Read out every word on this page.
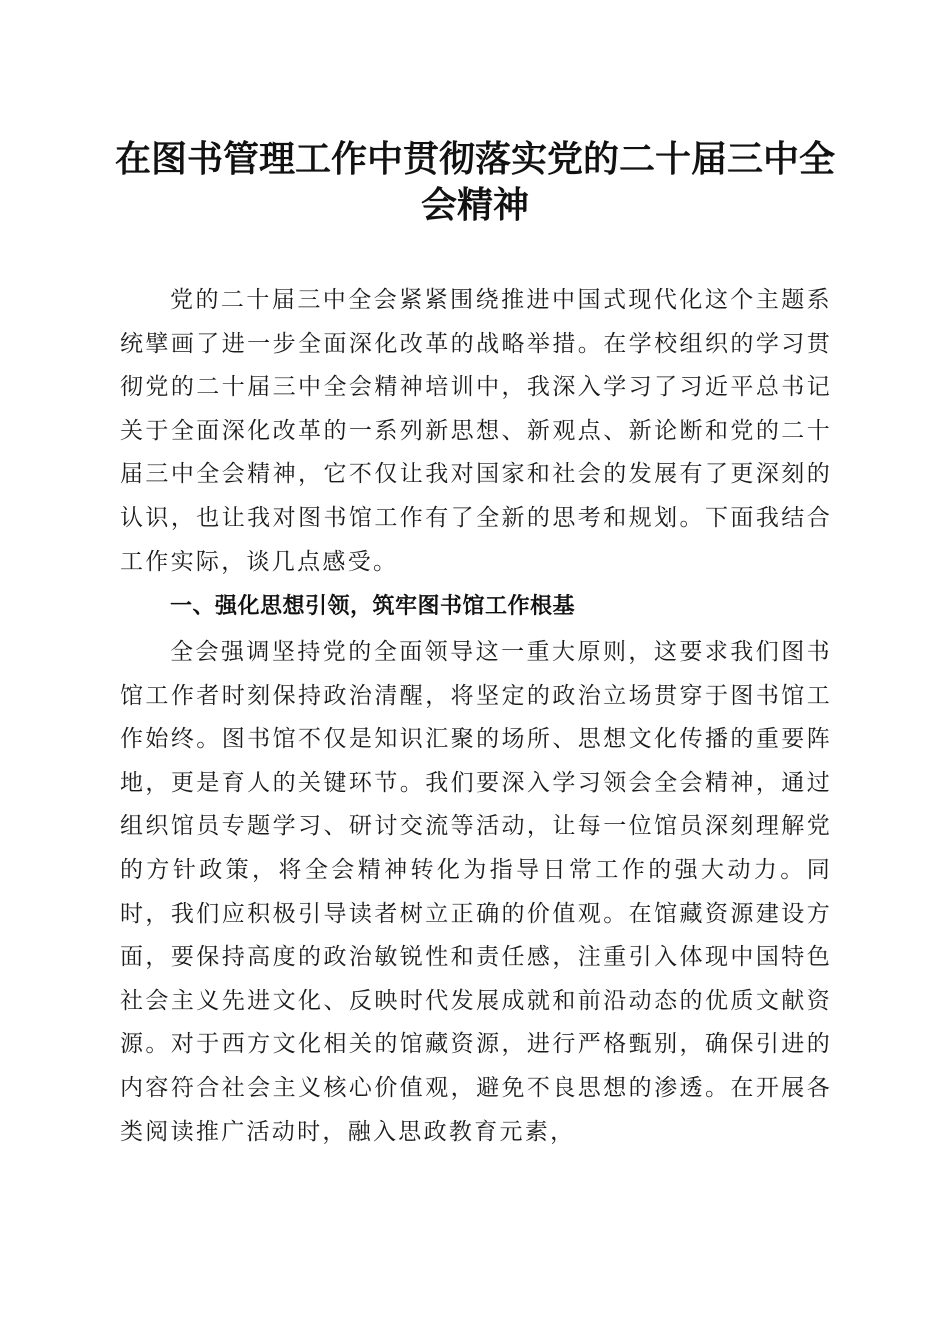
在图书管理工作中贯彻落实党的二十届三中全会精神

党的二十届三中全会紧紧围绕推进中国式现代化这个主题系统擘画了进一步全面深化改革的战略举措。在学校组织的学习贯彻党的二十届三中全会精神培训中，我深入学习了习近平总书记关于全面深化改革的一系列新思想、新观点、新论断和党的二十届三中全会精神，它不仅让我对国家和社会的发展有了更深刻的认识，也让我对图书馆工作有了全新的思考和规划。下面我结合工作实际，谈几点感受。

一、强化思想引领，筑牢图书馆工作根基

全会强调坚持党的全面领导这一重大原则，这要求我们图书馆工作者时刻保持政治清醒，将坚定的政治立场贯穿于图书馆工作始终。图书馆不仅是知识汇聚的场所、思想文化传播的重要阵地，更是育人的关键环节。我们要深入学习领会全会精神，通过组织馆员专题学习、研讨交流等活动，让每一位馆员深刻理解党的方针政策，将全会精神转化为指导日常工作的强大动力。同时，我们应积极引导读者树立正确的价值观。在馆藏资源建设方面，要保持高度的政治敏锐性和责任感，注重引入体现中国特色社会主义先进文化、反映时代发展成就和前沿动态的优质文献资源。对于西方文化相关的馆藏资源，进行严格甄别，确保引进的内容符合社会主义核心价值观，避免不良思想的渗透。在开展各类阅读推广活动时，融入思政教育元素，
